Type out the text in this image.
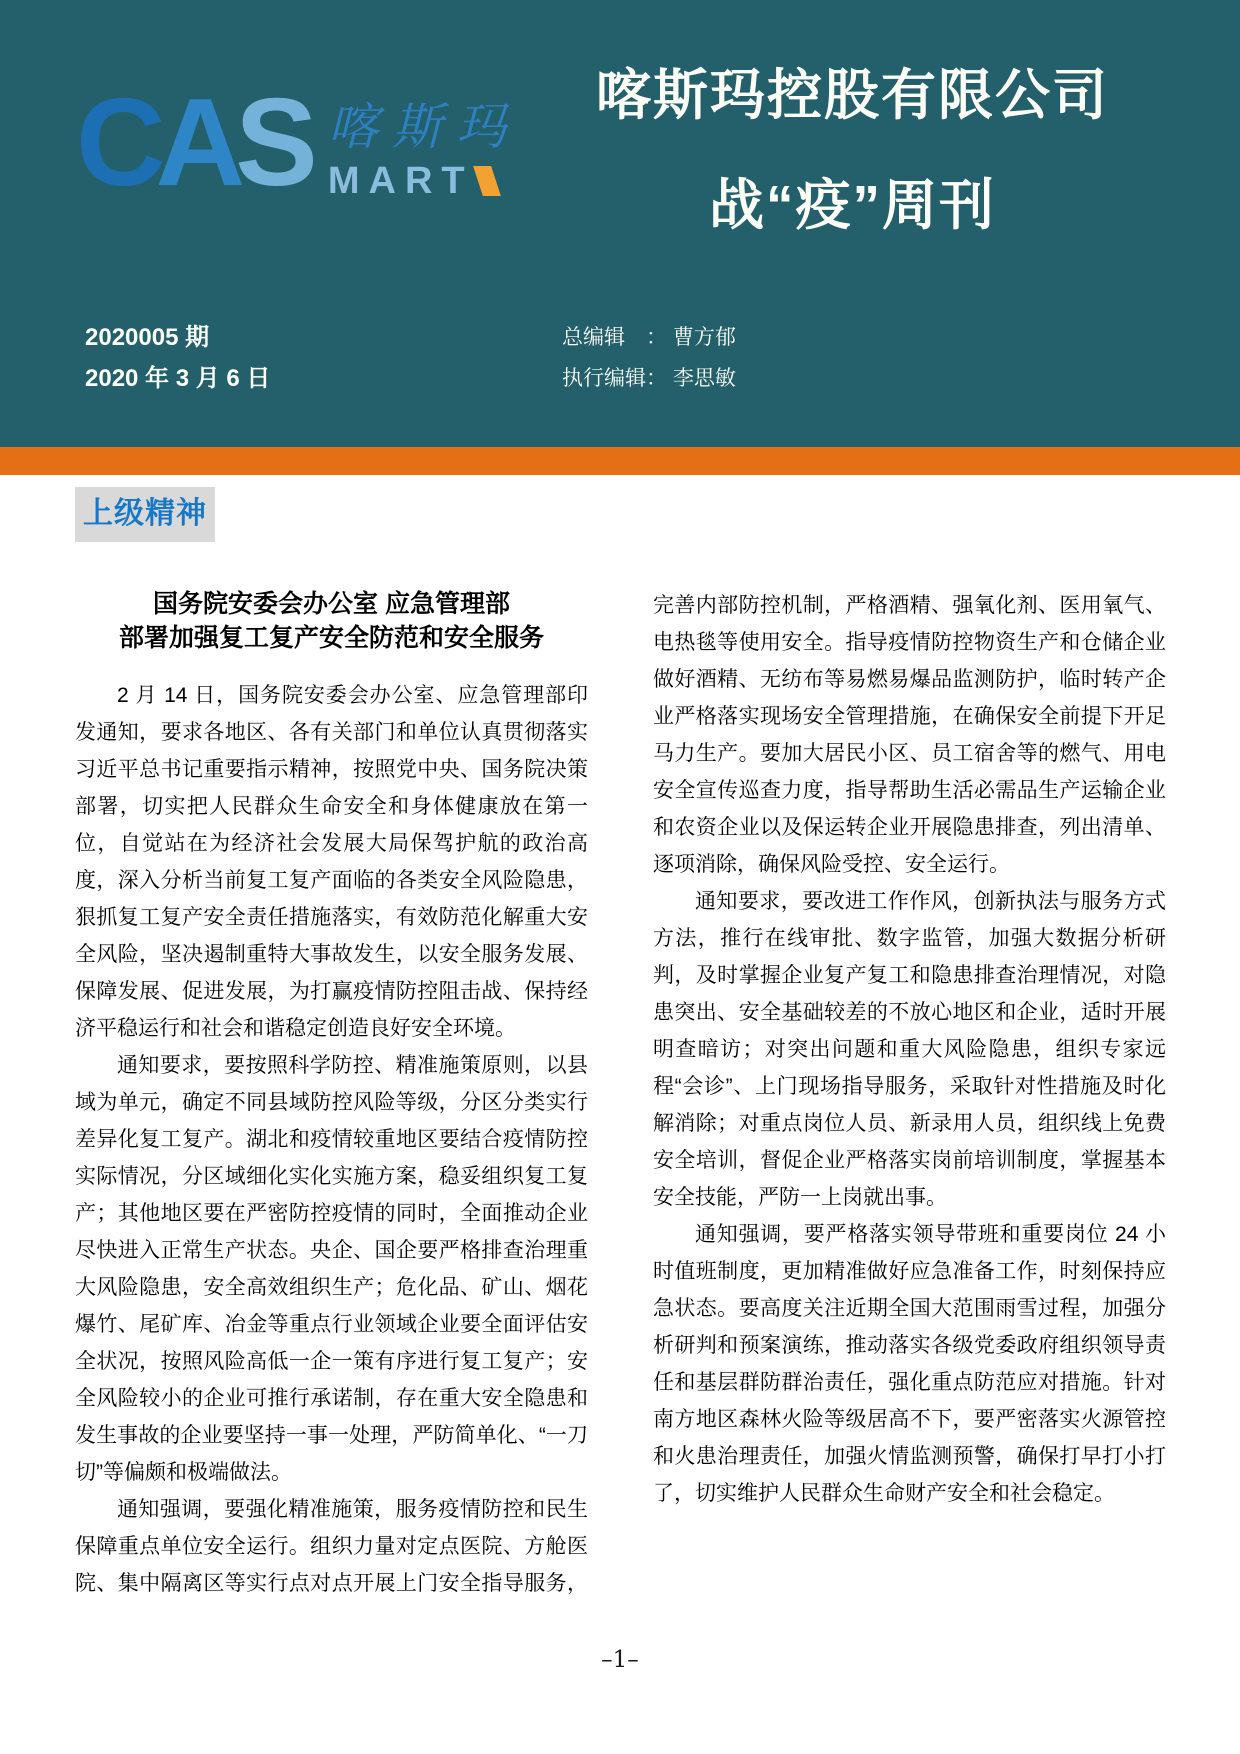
CAS 喀斯玛
MART
喀斯玛控股有限公司
战“疫”周刊
2020005 期
2020 年 3 月 6 日
总编辑　： 曹方郁
执行编辑： 李思敏
上级精神
国务院安委会办公室 应急管理部
部署加强复工复产安全防范和安全服务

2 月 14 日，国务院安委会办公室、应急管理部印发通知，要求各地区、各有关部门和单位认真贯彻落实习近平总书记重要指示精神，按照党中央、国务院决策部署，切实把人民群众生命安全和身体健康放在第一位，自觉站在为经济社会发展大局保驾护航的政治高度，深入分析当前复工复产面临的各类安全风险隐患，狠抓复工复产安全责任措施落实，有效防范化解重大安全风险，坚决遏制重特大事故发生，以安全服务发展、保障发展、促进发展，为打赢疫情防控阻击战、保持经济平稳运行和社会和谐稳定创造良好安全环境。

通知要求，要按照科学防控、精准施策原则，以县域为单元，确定不同县域防控风险等级，分区分类实行差异化复工复产。湖北和疫情较重地区要结合疫情防控实际情况，分区域细化实化实施方案，稳妥组织复工复产；其他地区要在严密防控疫情的同时，全面推动企业尽快进入正常生产状态。央企、国企要严格排查治理重大风险隐患，安全高效组织生产；危化品、矿山、烟花爆竹、尾矿库、冶金等重点行业领域企业要全面评估安全状况，按照风险高低一企一策有序进行复工复产；安全风险较小的企业可推行承诺制，存在重大安全隐患和发生事故的企业要坚持一事一处理，严防简单化、“一刀切”等偏颇和极端做法。

通知强调，要强化精准施策，服务疫情防控和民生保障重点单位安全运行。组织力量对定点医院、方舱医院、集中隔离区等实行点对点开展上门安全指导服务，完善内部防控机制，严格酒精、强氧化剂、医用氧气、电热毯等使用安全。指导疫情防控物资生产和仓储企业做好酒精、无纺布等易燃易爆品监测防护，临时转产企业严格落实现场安全管理措施，在确保安全前提下开足马力生产。要加大居民小区、员工宿舍等的燃气、用电安全宣传巡查力度，指导帮助生活必需品生产运输企业和农资企业以及保运转企业开展隐患排查，列出清单、逐项消除，确保风险受控、安全运行。

通知要求，要改进工作作风，创新执法与服务方式方法，推行在线审批、数字监管，加强大数据分析研判，及时掌握企业复产复工和隐患排查治理情况，对隐患突出、安全基础较差的不放心地区和企业，适时开展明查暗访；对突出问题和重大风险隐患，组织专家远程“会诊”、上门现场指导服务，采取针对性措施及时化解消除；对重点岗位人员、新录用人员，组织线上免费安全培训，督促企业严格落实岗前培训制度，掌握基本安全技能，严防一上岗就出事。

通知强调，要严格落实领导带班和重要岗位 24 小时值班制度，更加精准做好应急准备工作，时刻保持应急状态。要高度关注近期全国大范围雨雪过程，加强分析研判和预案演练，推动落实各级党委政府组织领导责任和基层群防群治责任，强化重点防范应对措施。针对南方地区森林火险等级居高不下，要严密落实火源管控和火患治理责任，加强火情监测预警，确保打早打小打了，切实维护人民群众生命财产安全和社会稳定。

–1–
